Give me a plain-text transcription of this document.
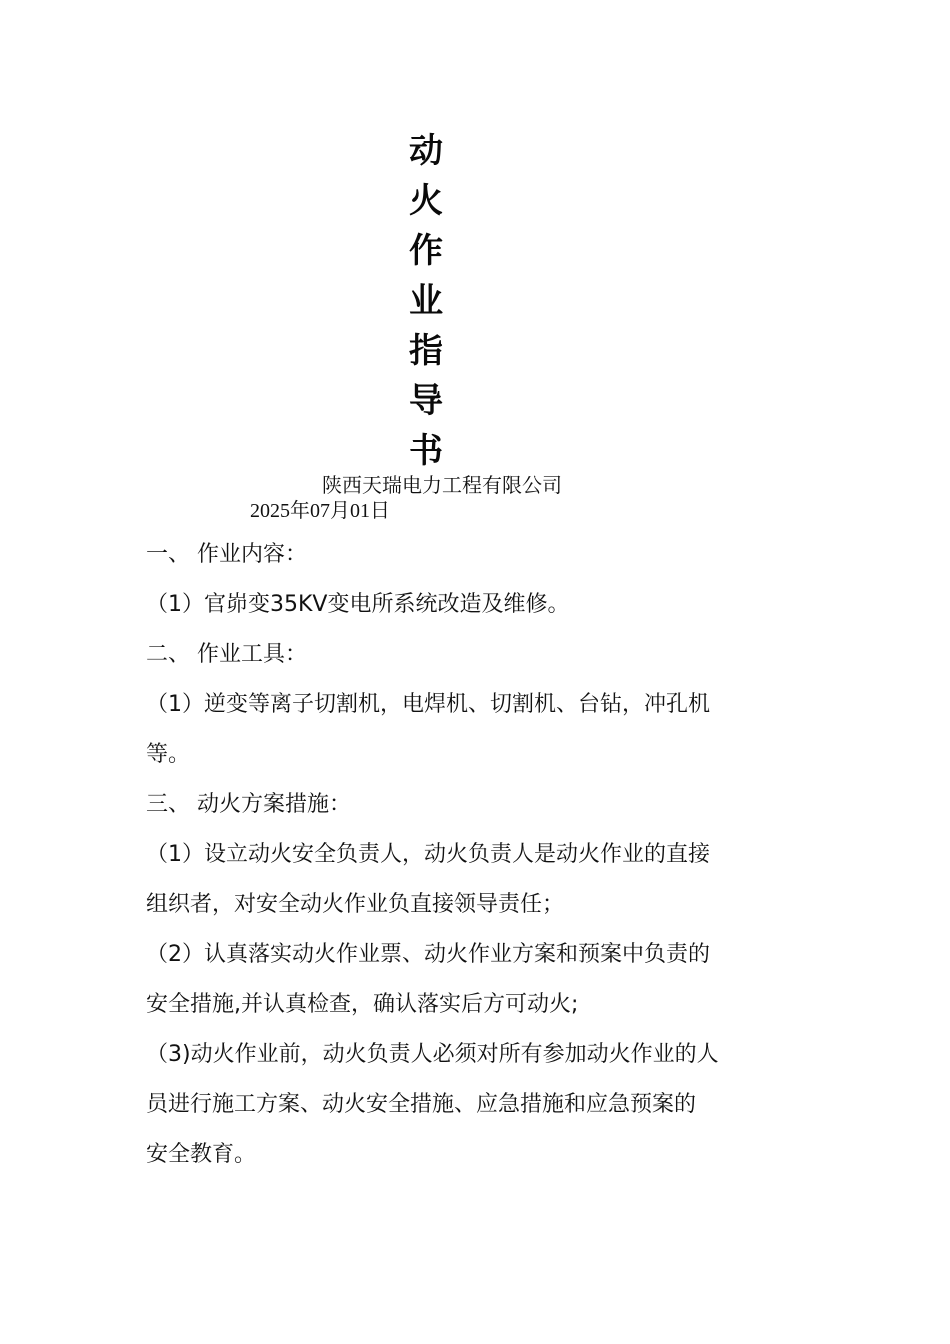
动
火
作
业
指
导
书
陕西天瑞电力工程有限公司
2025年07月01日
一、 作业内容：
（1）官峁变35KV变电所系统改造及维修。
二、 作业工具：
（1）逆变等离子切割机，电焊机、切割机、台钻，冲孔机
等。
三、 动火方案措施：
（1）设立动火安全负责人，动火负责人是动火作业的直接
组织者，对安全动火作业负直接领导责任；
（2）认真落实动火作业票、动火作业方案和预案中负责的
安全措施,并认真检查，确认落实后方可动火;
（3)动火作业前，动火负责人必须对所有参加动火作业的人
员进行施工方案、动火安全措施、应急措施和应急预案的
安全教育。
